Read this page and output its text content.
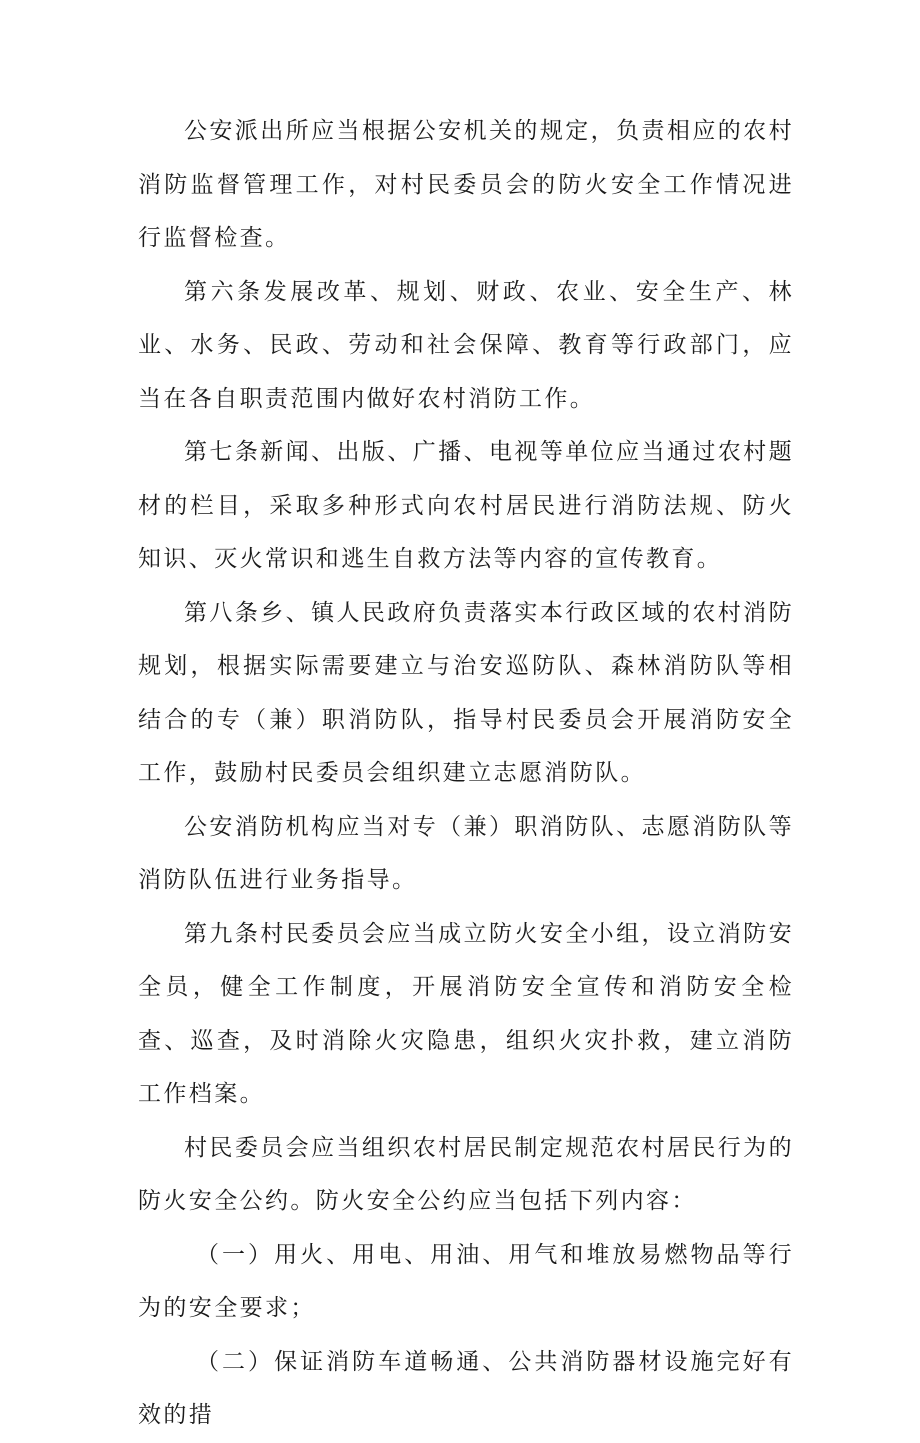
公安派出所应当根据公安机关的规定，负责相应的农村消防监督管理工作，对村民委员会的防火安全工作情况进行监督检查。

第六条发展改革、规划、财政、农业、安全生产、林业、水务、民政、劳动和社会保障、教育等行政部门，应当在各自职责范围内做好农村消防工作。

第七条新闻、出版、广播、电视等单位应当通过农村题材的栏目，采取多种形式向农村居民进行消防法规、防火知识、灭火常识和逃生自救方法等内容的宣传教育。

第八条乡、镇人民政府负责落实本行政区域的农村消防规划，根据实际需要建立与治安巡防队、森林消防队等相结合的专（兼）职消防队，指导村民委员会开展消防安全工作，鼓励村民委员会组织建立志愿消防队。

公安消防机构应当对专（兼）职消防队、志愿消防队等消防队伍进行业务指导。

第九条村民委员会应当成立防火安全小组，设立消防安全员，健全工作制度，开展消防安全宣传和消防安全检查、巡查，及时消除火灾隐患，组织火灾扑救，建立消防工作档案。

村民委员会应当组织农村居民制定规范农村居民行为的防火安全公约。防火安全公约应当包括下列内容：

（一）用火、用电、用油、用气和堆放易燃物品等行为的安全要求；

（二）保证消防车道畅通、公共消防器材设施完好有效的措
